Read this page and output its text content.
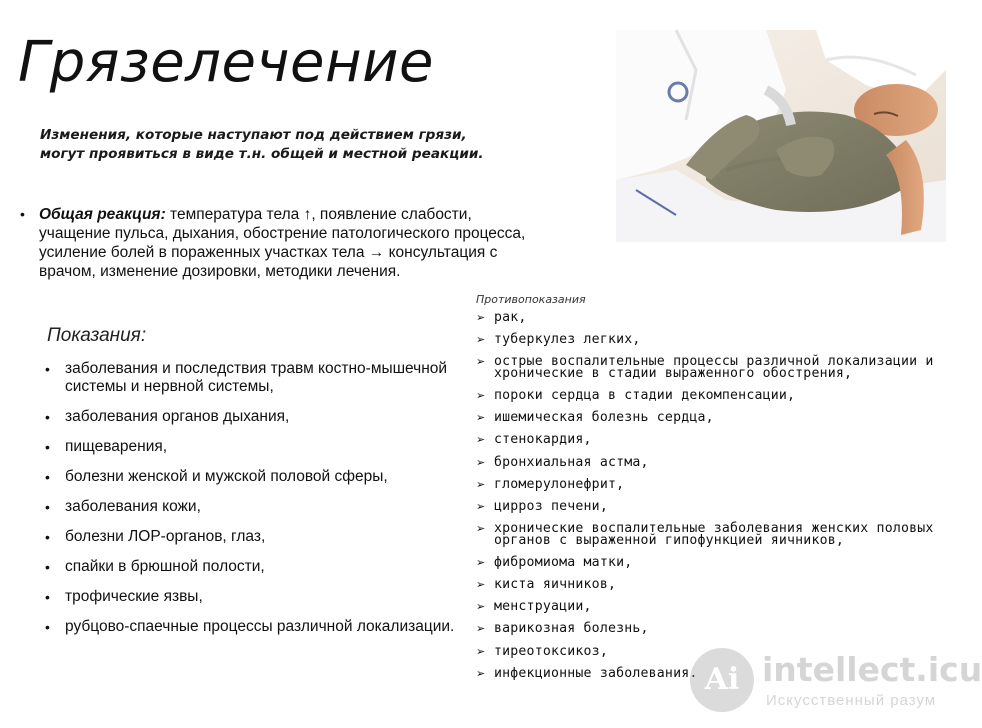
Грязелечение
Изменения, которые наступают под действием грязи,
могут проявиться в виде т.н. общей и местной реакции.
• Общая реакция: температура тела ↑, появление слабости, учащение пульса, дыхания, обострение патологического процесса, усиление болей в пораженных участках тела → консультация с врачом, изменение дозировки, методики лечения.
Показания:
• заболевания и последствия травм костно-мышечной системы и нервной системы,
• заболевания органов дыхания,
• пищеварения,
• болезни женской и мужской половой сферы,
• заболевания кожи,
• болезни ЛОР-органов, глаз,
• спайки в брюшной полости,
• трофические язвы,
• рубцово-спаечные процессы различной локализации.
Противопоказания
➢ рак,
➢ туберкулез легких,
➢ острые воспалительные процессы различной локализации и хронические в стадии выраженного обострения,
➢ пороки сердца в стадии декомпенсации,
➢ ишемическая болезнь сердца,
➢ стенокардия,
➢ бронхиальная астма,
➢ гломерулонефрит,
➢ цирроз печени,
➢ хронические воспалительные заболевания женских половых органов с выраженной гипофункцией яичников,
➢ фибромиома матки,
➢ киста яичников,
➢ менструации,
➢ варикозная болезнь,
➢ тиреотоксикоз,
➢ инфекционные заболевания. Ai intellect.icu
Искусственный разум
